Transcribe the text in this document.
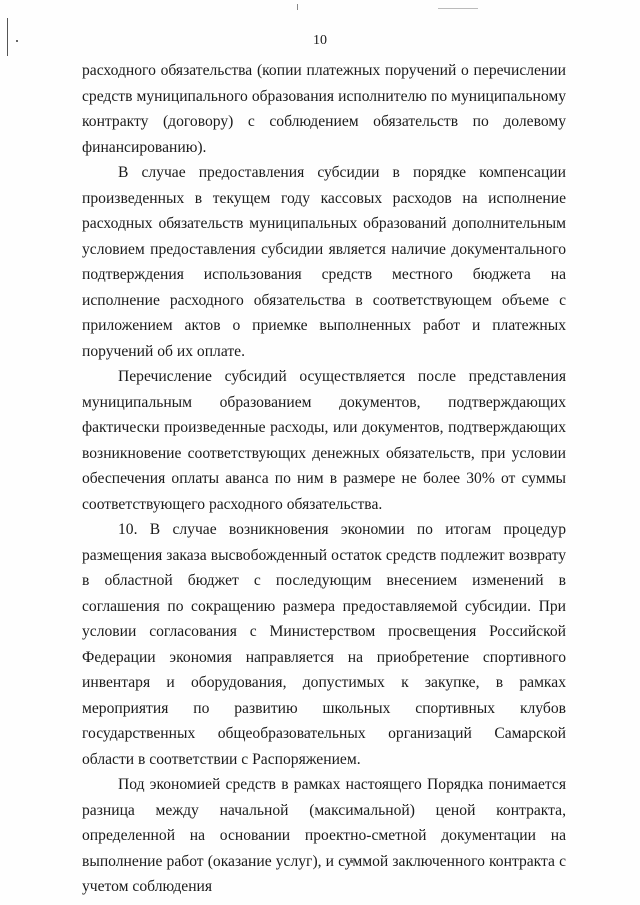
10

расходного обязательства (копии платежных поручений о перечислении средств муниципального образования исполнителю по муниципальному контракту (договору) с соблюдением обязательств по долевому финансированию).

В случае предоставления субсидии в порядке компенсации произведенных в текущем году кассовых расходов на исполнение расходных обязательств муниципальных образований дополнительным условием предоставления субсидии является наличие документального подтверждения использования средств местного бюджета на исполнение расходного обязательства в соответствующем объеме с приложением актов о приемке выполненных работ и платежных поручений об их оплате.

Перечисление субсидий осуществляется после представления муниципальным образованием документов, подтверждающих фактически произведенные расходы, или документов, подтверждающих возникновение соответствующих денежных обязательств, при условии обеспечения оплаты аванса по ним в размере не более 30% от суммы соответствующего расходного обязательства.

10. В случае возникновения экономии по итогам процедур размещения заказа высвобожденный остаток средств подлежит возврату в областной бюджет с последующим внесением изменений в соглашения по сокращению размера предоставляемой субсидии. При условии согласования с Министерством просвещения Российской Федерации экономия направляется на приобретение спортивного инвентаря и оборудования, допустимых к закупке, в рамках мероприятия по развитию школьных спортивных клубов государственных общеобразовательных организаций Самарской области в соответствии с Распоряжением.

Под экономией средств в рамках настоящего Порядка понимается разница между начальной (максимальной) ценой контракта, определенной на основании проектно-сметной документации на выполнение работ (оказание услуг), и суммой заключенного контракта с учетом соблюдения
